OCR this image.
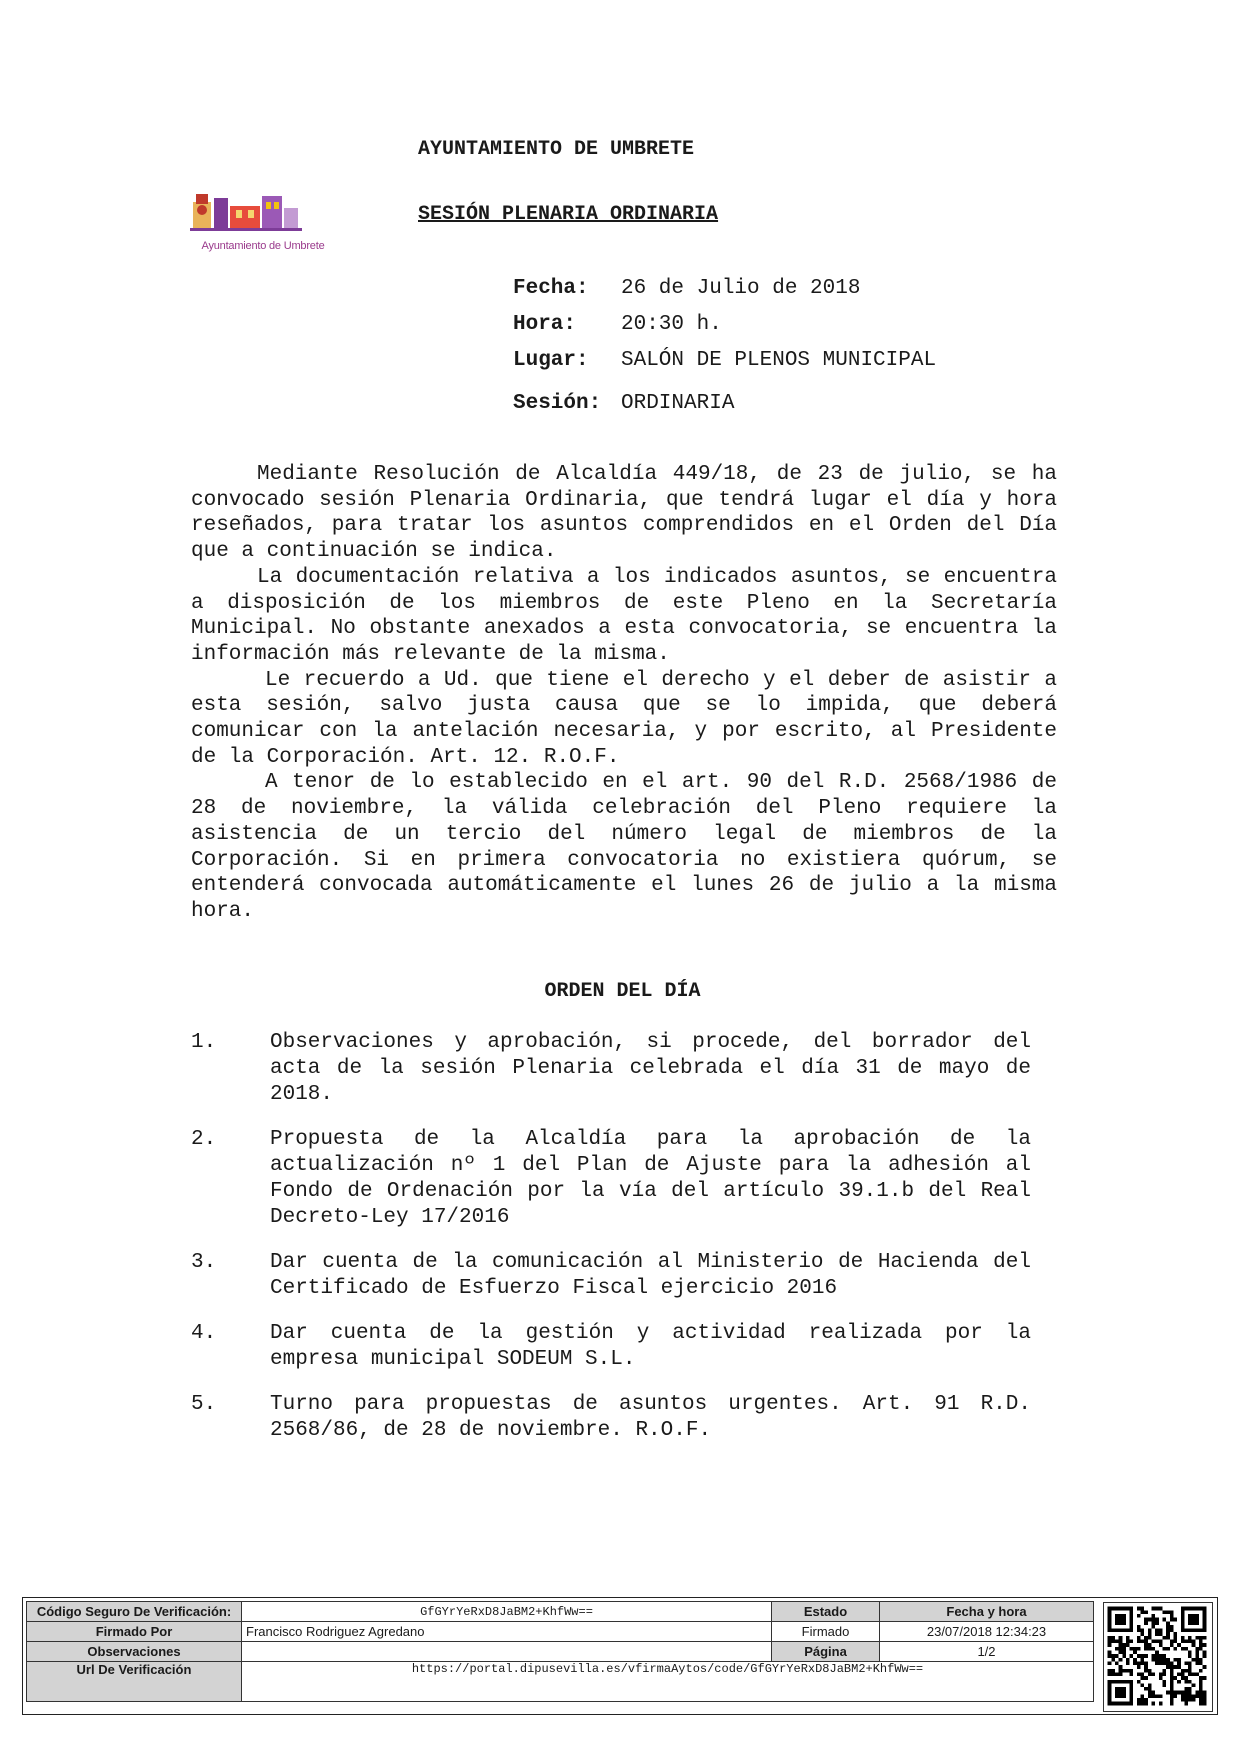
Ayuntamiento de Umbrete
AYUNTAMIENTO DE UMBRETE
SESIÓN PLENARIA ORDINARIA
Fecha: 26 de Julio de 2018
Hora: 20:30 h.
Lugar: SALÓN DE PLENOS MUNICIPAL
Sesión: ORDINARIA

Mediante Resolución de Alcaldía 449/18, de 23 de julio, se ha convocado sesión Plenaria Ordinaria, que tendrá lugar el día y hora reseñados, para tratar los asuntos comprendidos en el Orden del Día que a continuación se indica.

La documentación relativa a los indicados asuntos, se encuentra a disposición de los miembros de este Pleno en la Secretaría Municipal. No obstante anexados a esta convocatoria, se encuentra la información más relevante de la misma.

Le recuerdo a Ud. que tiene el derecho y el deber de asistir a esta sesión, salvo justa causa que se lo impida, que deberá comunicar con la antelación necesaria, y por escrito, al Presidente de la Corporación. Art. 12. R.O.F.

A tenor de lo establecido en el art. 90 del R.D. 2568/1986 de 28 de noviembre, la válida celebración del Pleno requiere la asistencia de un tercio del número legal de miembros de la Corporación. Si en primera convocatoria no existiera quórum, se entenderá convocada automáticamente el lunes 26 de julio a la misma hora.

ORDEN DEL DÍA
1.	Observaciones y aprobación, si procede, del borrador del acta de la sesión Plenaria celebrada el día 31 de mayo de 2018.
2.	Propuesta de la Alcaldía para la aprobación de la actualización nº 1 del Plan de Ajuste para la adhesión al Fondo de Ordenación por la vía del artículo 39.1.b del Real Decreto-Ley 17/2016
3.	Dar cuenta de la comunicación al Ministerio de Hacienda del Certificado de Esfuerzo Fiscal ejercicio 2016
4.	Dar cuenta de la gestión y actividad realizada por la empresa municipal SODEUM S.L.
5.	Turno para propuestas de asuntos urgentes. Art. 91 R.D. 2568/86, de 28 de noviembre. R.O.F.
Código Seguro De Verificación:	GfGYrYeRxD8JaBM2+KhfWw==	Estado	Fecha y hora
Firmado Por	Francisco Rodriguez Agredano	Firmado	23/07/2018 12:34:23
Observaciones		Página	1/2
Url De Verificación	https://portal.dipusevilla.es/vfirmaAytos/code/GfGYrYeRxD8JaBM2+KhfWw==		
